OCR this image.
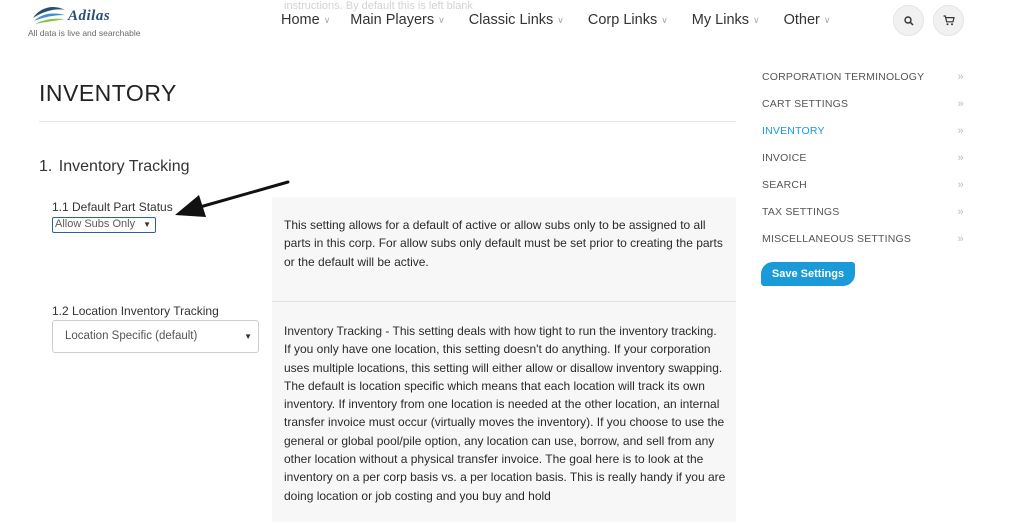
Adilas
All data is live and searchable
instructions. By default this is left blank
Home ∨ Main Players ∨ Classic Links ∨ Corp Links ∨ My Links ∨ Other ∨
INVENTORY
1. Inventory Tracking
1.1 Default Part Status
Allow Subs Only ▼	This setting allows for a default of active or allow subs only to be assigned to all parts in this corp. For allow subs only default must be set prior to creating the parts or the default will be active.
1.2 Location Inventory Tracking
Location Specific (default)	▼	Inventory Tracking - This setting deals with how tight to run the inventory tracking. If you only have one location, this setting doesn't do anything. If your corporation uses multiple locations, this setting will either allow or disallow inventory swapping. The default is location specific which means that each location will track its own inventory. If inventory from one location is needed at the other location, an internal transfer invoice must occur (virtually moves the inventory). If you choose to use the general or global pool/pile option, any location can use, borrow, and sell from any other location without a physical transfer invoice. The goal here is to look at the inventory on a per corp basis vs. a per location basis. This is really handy if you are doing location or job costing and you buy and hold
CORPORATION TERMINOLOGY	»
CART SETTINGS	»
INVENTORY	»
INVOICE	»
SEARCH	»
TAX SETTINGS	»
MISCELLANEOUS SETTINGS	»
Save Settings
